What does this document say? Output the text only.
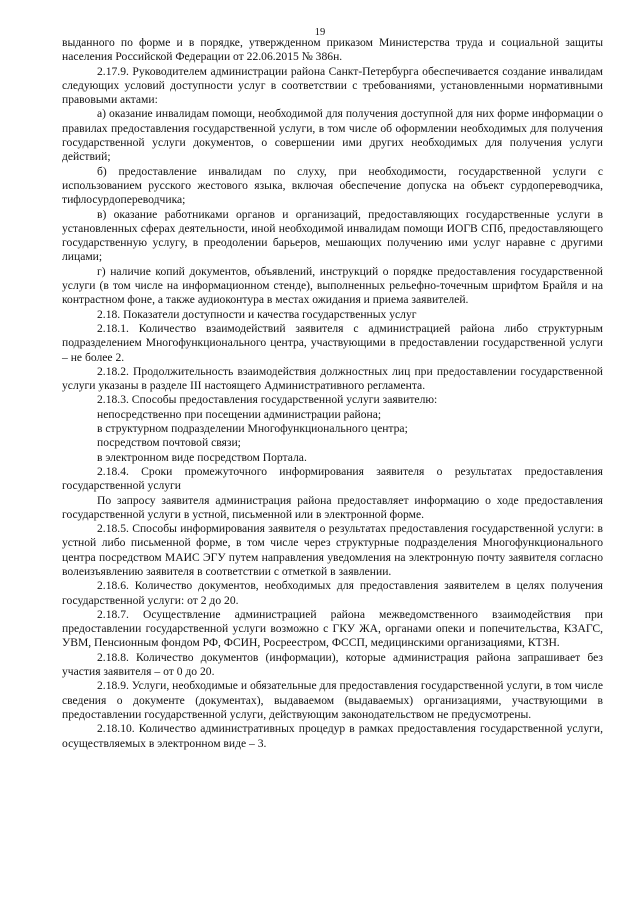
19

выданного по форме и в порядке, утвержденном приказом Министерства труда и социальной защиты населения Российской Федерации от 22.06.2015 № 386н.

2.17.9. Руководителем администрации района Санкт-Петербурга обеспечивается создание инвалидам следующих условий доступности услуг в соответствии с требованиями, установленными нормативными правовыми актами:

а) оказание инвалидам помощи, необходимой для получения доступной для них форме информации о правилах предоставления государственной услуги, в том числе об оформлении необходимых для получения государственной услуги документов, о совершении ими других необходимых для получения услуги действий;

б) предоставление инвалидам по слуху, при необходимости, государственной услуги с использованием русского жестового языка, включая обеспечение допуска на объект сурдопереводчика, тифлосурдопереводчика;

в) оказание работниками органов и организаций, предоставляющих государственные услуги в установленных сферах деятельности, иной необходимой инвалидам помощи ИОГВ СПб, предоставляющего государственную услугу, в преодолении барьеров, мешающих получению ими услуг наравне с другими лицами;

г) наличие копий документов, объявлений, инструкций о порядке предоставления государственной услуги (в том числе на информационном стенде), выполненных рельефно-точечным шрифтом Брайля и на контрастном фоне, а также аудиоконтура в местах ожидания и приема заявителей.

2.18. Показатели доступности и качества государственных услуг

2.18.1. Количество взаимодействий заявителя с администрацией района либо структурным подразделением Многофункционального центра, участвующими в предоставлении государственной услуги – не более 2.

2.18.2. Продолжительность взаимодействия должностных лиц при предоставлении государственной услуги указаны в разделе III настоящего Административного регламента.

2.18.3. Способы предоставления государственной услуги заявителю:

непосредственно при посещении администрации района;

в структурном подразделении Многофункционального центра;

посредством почтовой связи;

в электронном виде посредством Портала.

2.18.4. Сроки промежуточного информирования заявителя о результатах предоставления государственной услуги

По запросу заявителя администрация района предоставляет информацию о ходе предоставления государственной услуги в устной, письменной или в электронной форме.

2.18.5. Способы информирования заявителя о результатах предоставления государственной услуги: в устной либо письменной форме, в том числе через структурные подразделения Многофункционального центра посредством МАИС ЭГУ путем направления уведомления на электронную почту заявителя согласно волеизъявлению заявителя в соответствии с отметкой в заявлении.

2.18.6. Количество документов, необходимых для предоставления заявителем в целях получения государственной услуги: от 2 до 20.

2.18.7. Осуществление администрацией района межведомственного взаимодействия при предоставлении государственной услуги возможно с ГКУ ЖА, органами опеки и попечительства, КЗАГС, УВМ, Пенсионным фондом РФ, ФСИН, Росреестром, ФССП, медицинскими организациями, КТЗН.

2.18.8. Количество документов (информации), которые администрация района запрашивает без участия заявителя – от 0 до 20.

2.18.9. Услуги, необходимые и обязательные для предоставления государственной услуги, в том числе сведения о документе (документах), выдаваемом (выдаваемых) организациями, участвующими в предоставлении государственной услуги, действующим законодательством не предусмотрены.

2.18.10. Количество административных процедур в рамках предоставления государственной услуги, осуществляемых в электронном виде – 3.
